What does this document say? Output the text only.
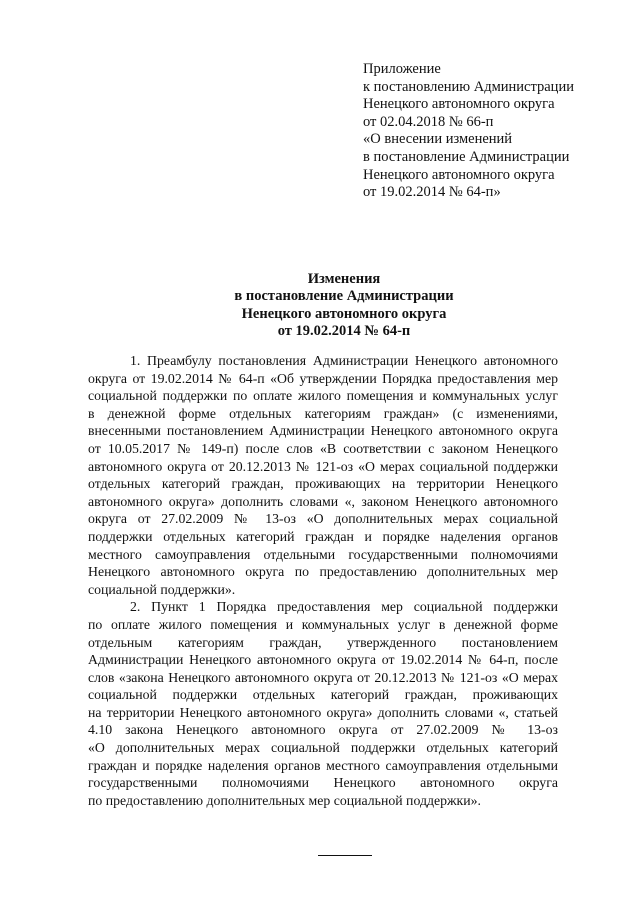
Приложение
к постановлению Администрации
Ненецкого автономного округа
от 02.04.2018 № 66-п
«О внесении изменений
в постановление Администрации
Ненецкого автономного округа
от 19.02.2014 № 64-п»
Изменения
в постановление Администрации
Ненецкого автономного округа
от 19.02.2014 № 64-п
1. Преамбулу постановления Администрации Ненецкого автономного
округа от 19.02.2014 № 64-п «Об утверждении Порядка предоставления мер
социальной поддержки по оплате жилого помещения и коммунальных услуг
в денежной форме отдельных категориям граждан» (с изменениями,
внесенными постановлением Администрации Ненецкого автономного округа
от 10.05.2017 № 149-п) после слов «В соответствии с законом Ненецкого
автономного округа от 20.12.2013 № 121-оз «О мерах социальной поддержки
отдельных категорий граждан, проживающих на территории Ненецкого
автономного округа» дополнить словами «, законом Ненецкого автономного
округа от 27.02.2009 № 13-оз «О дополнительных мерах социальной
поддержки отдельных категорий граждан и порядке наделения органов
местного самоуправления отдельными государственными полномочиями
Ненецкого автономного округа по предоставлению дополнительных мер
социальной поддержки».
2. Пункт 1 Порядка предоставления мер социальной поддержки
по оплате жилого помещения и коммунальных услуг в денежной форме
отдельным категориям граждан, утвержденного постановлением
Администрации Ненецкого автономного округа от 19.02.2014 № 64-п, после
слов «закона Ненецкого автономного округа от 20.12.2013 № 121-оз «О мерах
социальной поддержки отдельных категорий граждан, проживающих
на территории Ненецкого автономного округа» дополнить словами «, статьей
4.10 закона Ненецкого автономного округа от 27.02.2009 № 13-оз
«О дополнительных мерах социальной поддержки отдельных категорий
граждан и порядке наделения органов местного самоуправления отдельными
государственными полномочиями Ненецкого автономного округа
по предоставлению дополнительных мер социальной поддержки».
